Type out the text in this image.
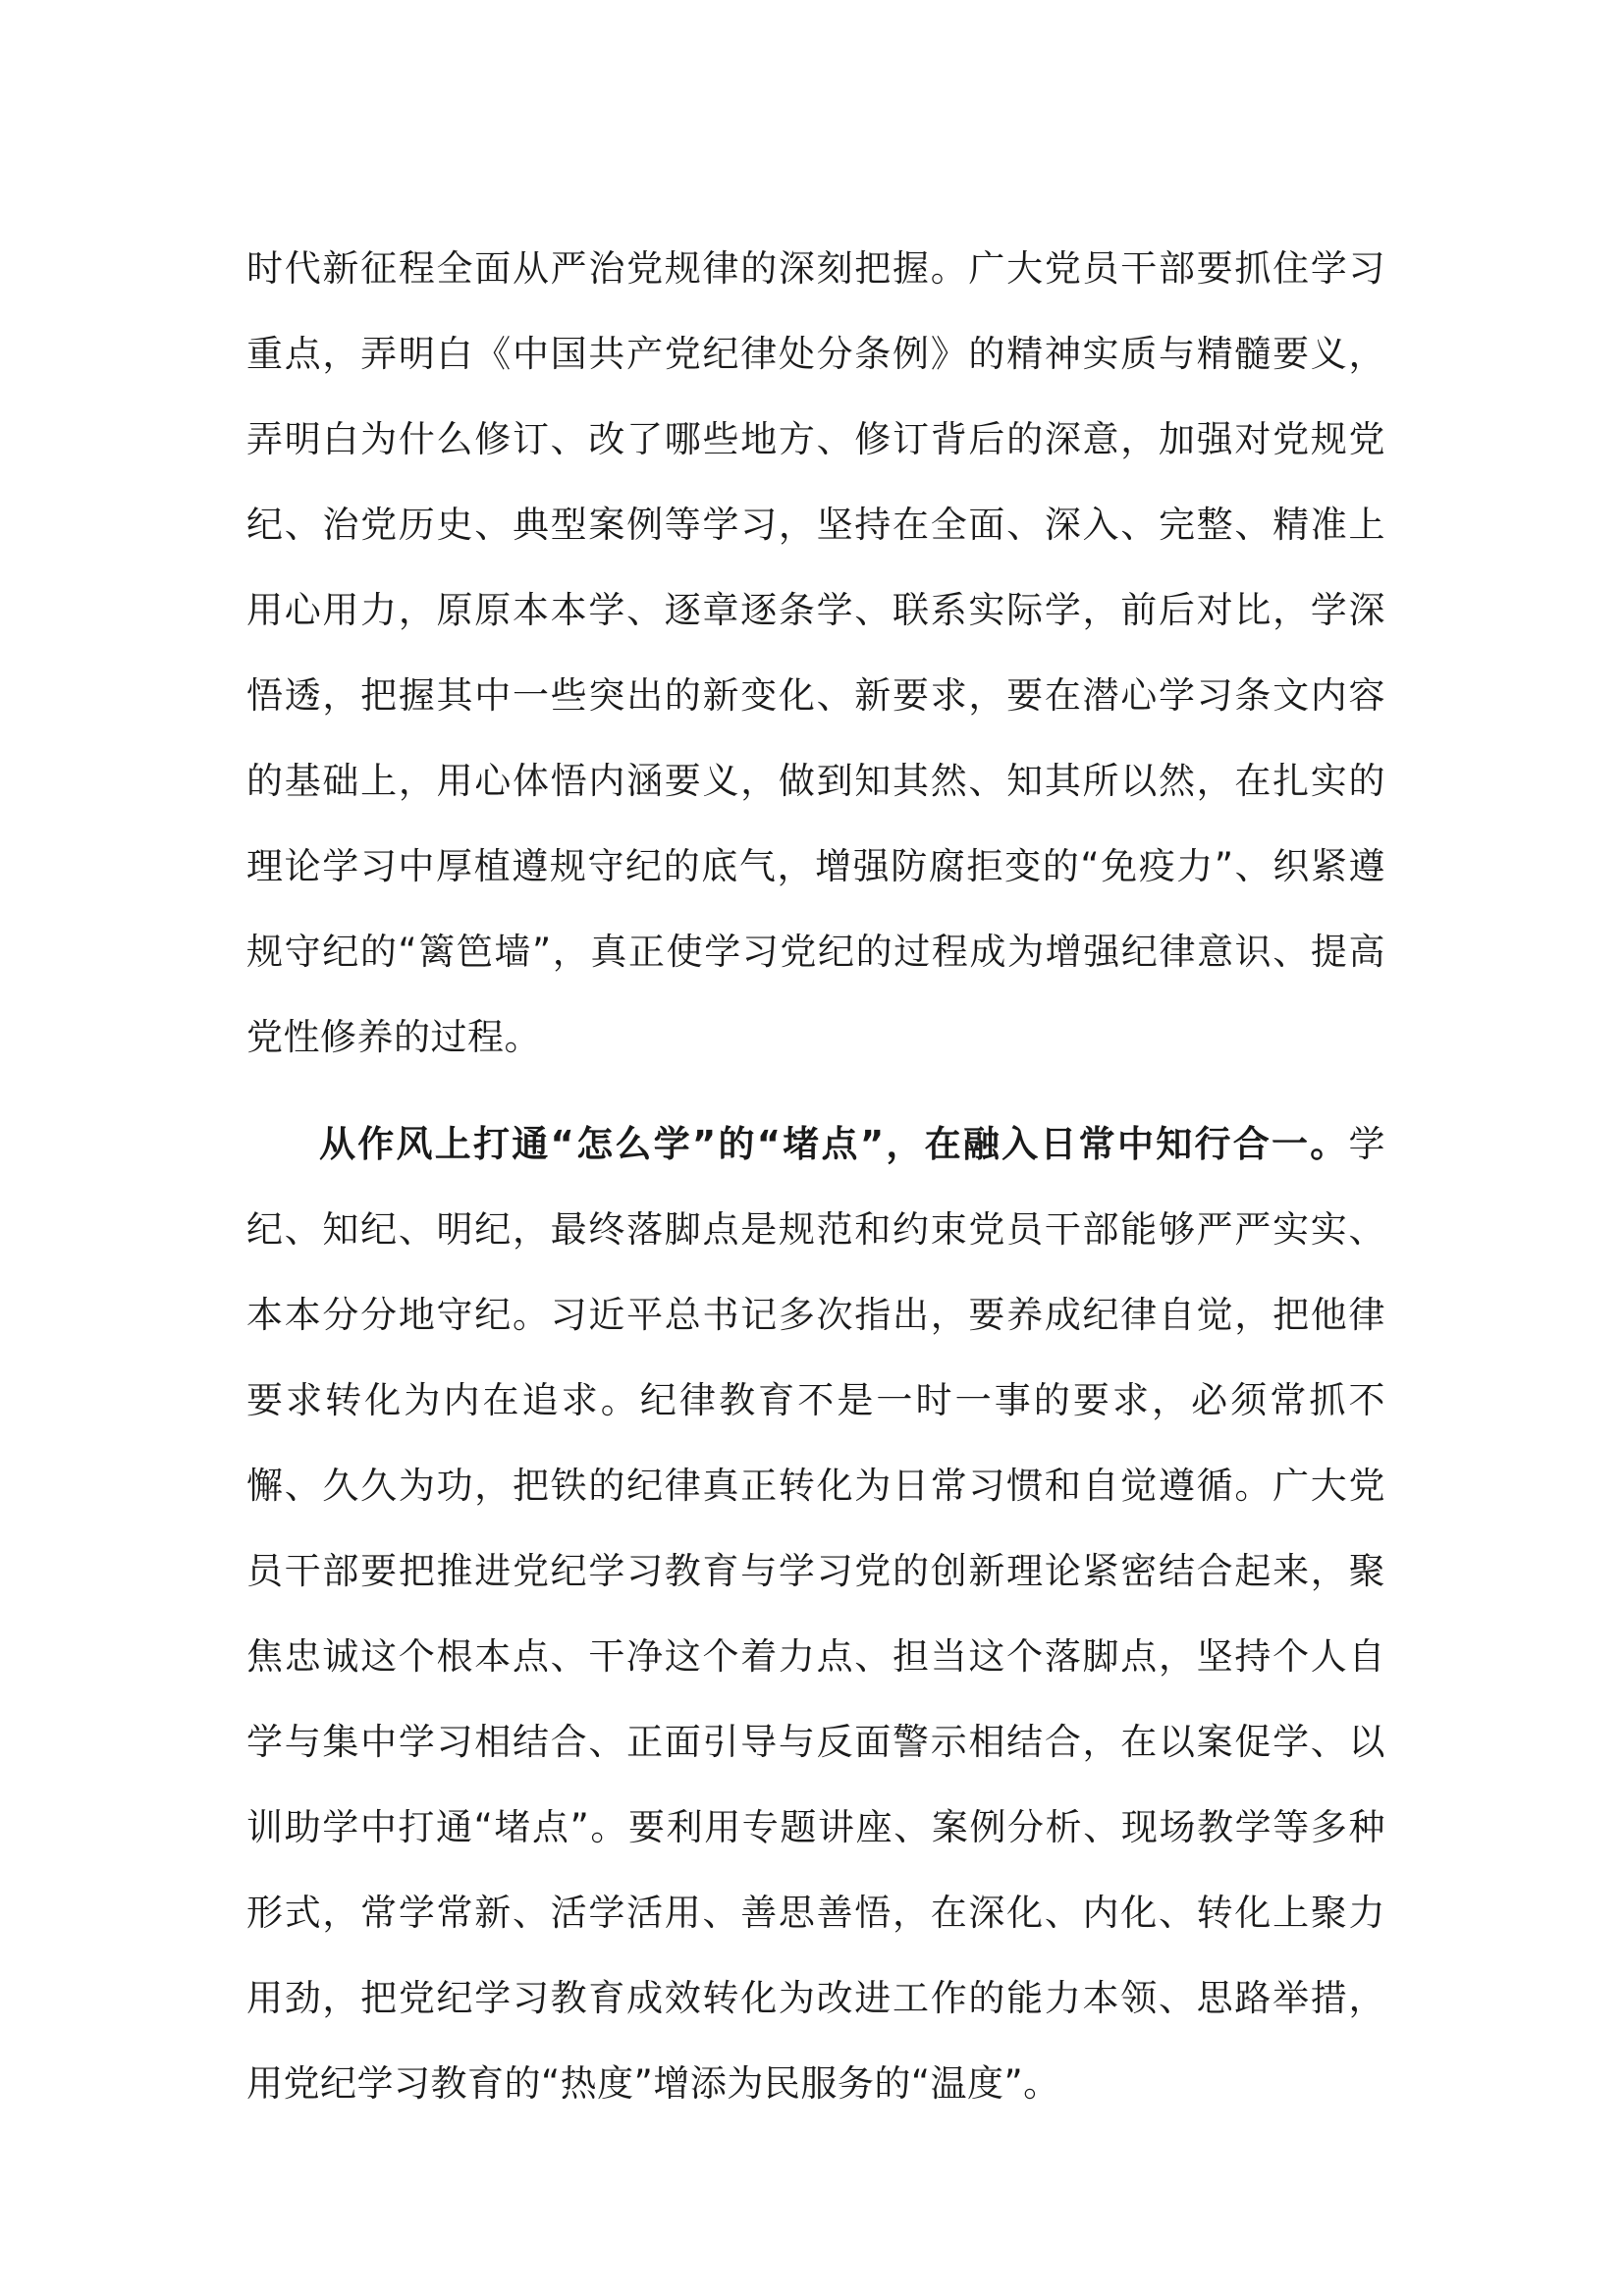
时代新征程全面从严治党规律的深刻把握。广大党员干部要抓住学习重点，弄明白《中国共产党纪律处分条例》的精神实质与精髓要义，弄明白为什么修订、改了哪些地方、修订背后的深意，加强对党规党纪、治党历史、典型案例等学习，坚持在全面、深入、完整、精准上用心用力，原原本本学、逐章逐条学、联系实际学，前后对比，学深悟透，把握其中一些突出的新变化、新要求，要在潜心学习条文内容的基础上，用心体悟内涵要义，做到知其然、知其所以然，在扎实的理论学习中厚植遵规守纪的底气，增强防腐拒变的“免疫力”、织紧遵规守纪的“篱笆墙”，真正使学习党纪的过程成为增强纪律意识、提高党性修养的过程。

从作风上打通“怎么学”的“堵点”，在融入日常中知行合一。学纪、知纪、明纪，最终落脚点是规范和约束党员干部能够严严实实、本本分分地守纪。习近平总书记多次指出，要养成纪律自觉，把他律要求转化为内在追求。纪律教育不是一时一事的要求，必须常抓不懈、久久为功，把铁的纪律真正转化为日常习惯和自觉遵循。广大党员干部要把推进党纪学习教育与学习党的创新理论紧密结合起来，聚焦忠诚这个根本点、干净这个着力点、担当这个落脚点，坚持个人自学与集中学习相结合、正面引导与反面警示相结合，在以案促学、以训助学中打通“堵点”。要利用专题讲座、案例分析、现场教学等多种形式，常学常新、活学活用、善思善悟，在深化、内化、转化上聚力用劲，把党纪学习教育成效转化为改进工作的能力本领、思路举措，用党纪学习教育的“热度”增添为民服务的“温度”。
